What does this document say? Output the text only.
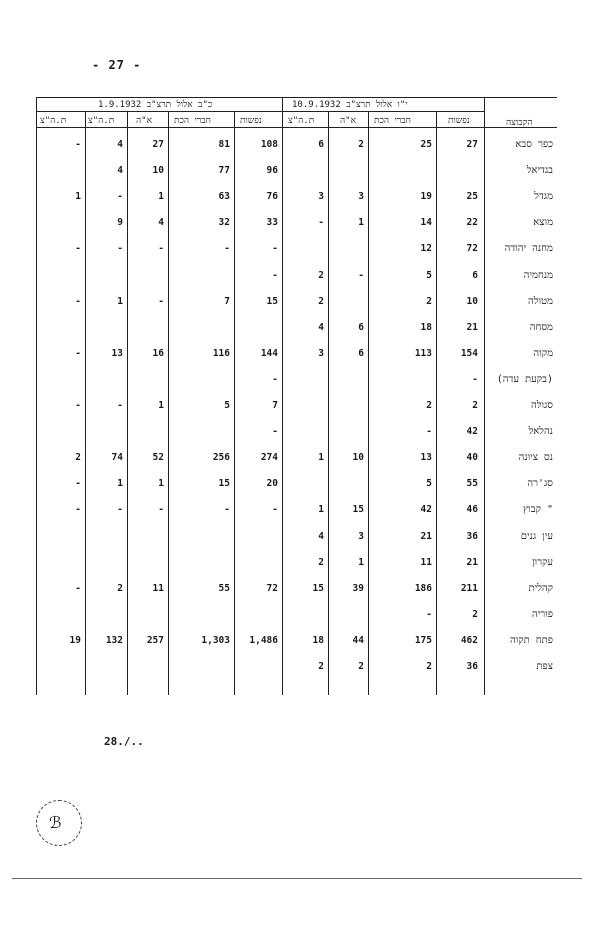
- 27 -
י"ו אלול תרצ"ב 10.9.1932
כ"ב אלול תרצ"ב 1.9.1932
הקבוצה
נפשות
חברי הכת
א"ה
ת.ה"צ
נפשות
חברי הכת
א"ה
ת.ה"צ
ת.ה"צ
כפר סבא
27
25
2
6
108
81
27
4
-
בגדיאל
96
77
10
4
מגדל
25
19
3
3
76
63
1
-
1
מוצא
22
14
1
-
33
32
4
9
מחנה יהודה
72
12
-
-
-
-
-
מנחמיה
6
5
-
2
-
מטולה
10
2
2
15
7
-
1
-
מסחה
21
18
6
4
מקוה
154
113
6
3
144
116
16
13
-
(בקעת עדה)
-
-
סגולה
2
2
7
5
1
-
-
נהלאל
42
-
-
נס ציונה
40
13
10
1
274
256
52
74
2
סג'רה
55
5
20
15
1
1
-
" קבוץ
46
42
15
1
-
-
-
-
-
עין גנים
36
21
3
4
עקרון
21
11
1
2
קהלית
211
186
39
15
72
55
11
2
-
פוריה
2
-
פתח תקוה
462
175
44
18
1,486
1,303
257
132
19
צפת
36
2
2
2
28./..
ℬ
